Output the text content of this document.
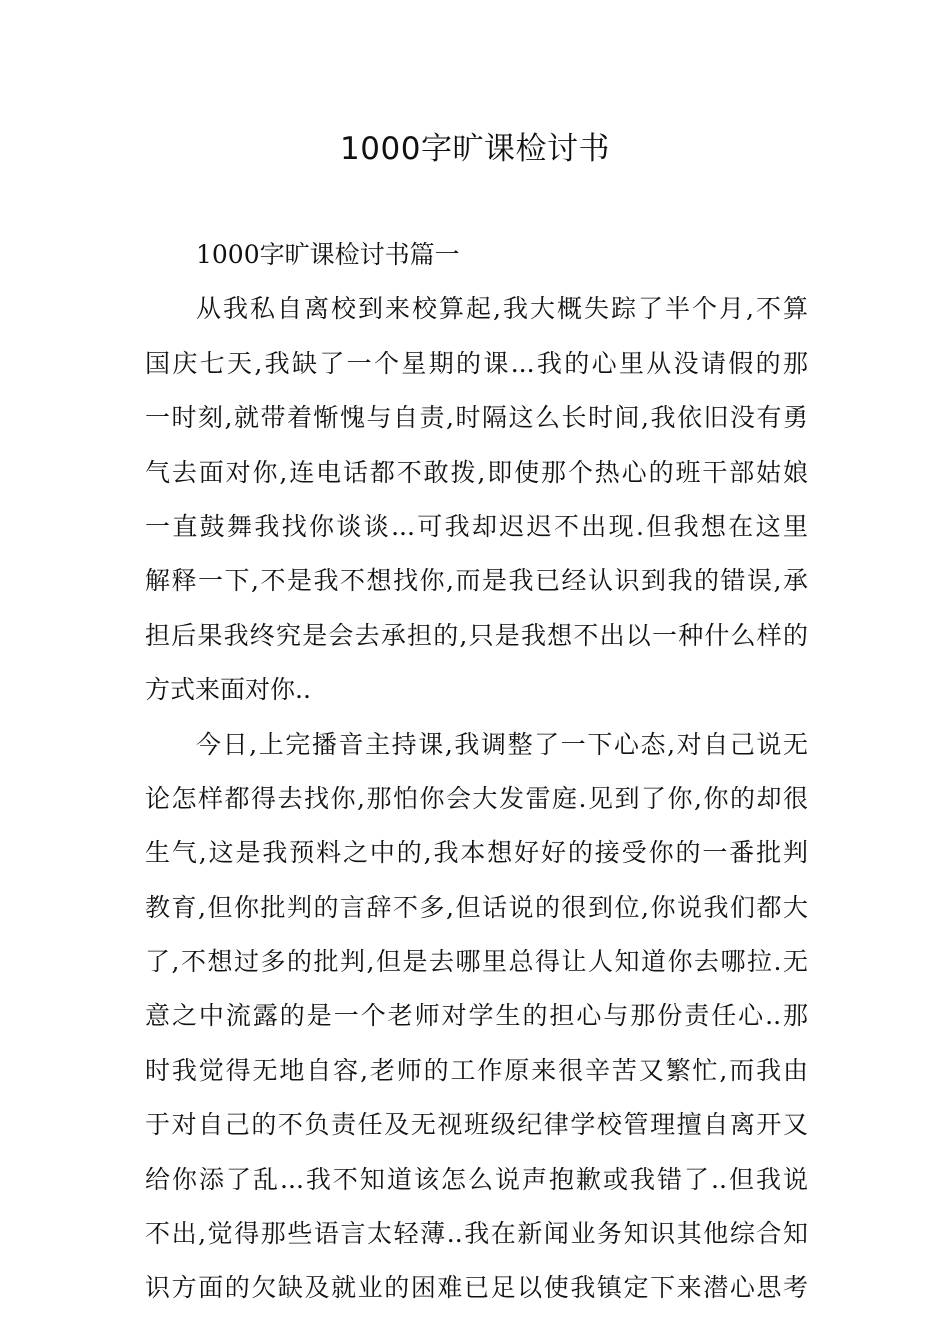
1000字旷课检讨书
1000字旷课检讨书篇一
从我私自离校到来校算起,我大概失踪了半个月,不算
国庆七天,我缺了一个星期的课...我的心里从没请假的那
一时刻,就带着惭愧与自责,时隔这么长时间,我依旧没有勇
气去面对你,连电话都不敢拨,即使那个热心的班干部姑娘
一直鼓舞我找你谈谈...可我却迟迟不出现.但我想在这里
解释一下,不是我不想找你,而是我已经认识到我的错误,承
担后果我终究是会去承担的,只是我想不出以一种什么样的
方式来面对你..
今日,上完播音主持课,我调整了一下心态,对自己说无
论怎样都得去找你,那怕你会大发雷庭.见到了你,你的却很
生气,这是我预料之中的,我本想好好的接受你的一番批判
教育,但你批判的言辞不多,但话说的很到位,你说我们都大
了,不想过多的批判,但是去哪里总得让人知道你去哪拉.无
意之中流露的是一个老师对学生的担心与那份责任心..那
时我觉得无地自容,老师的工作原来很辛苦又繁忙,而我由
于对自己的不负责任及无视班级纪律学校管理擅自离开又
给你添了乱...我不知道该怎么说声抱歉或我错了..但我说
不出,觉得那些语言太轻薄..我在新闻业务知识其他综合知
识方面的欠缺及就业的困难已足以使我镇定下来潜心思考
